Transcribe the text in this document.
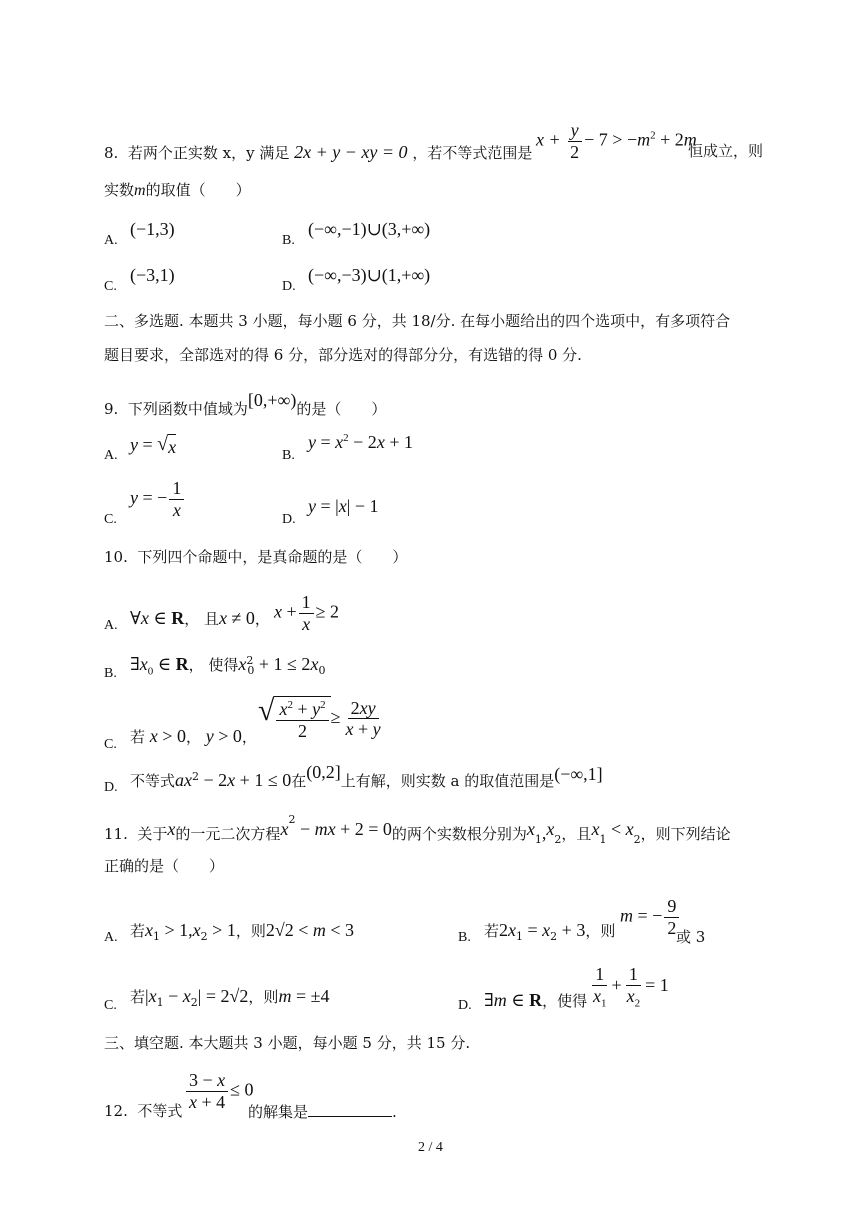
8. 若两个正实数 x，y 满足 2x + y − xy = 0 ，若不等式范围是
$x + \frac{y}{2} - 7 > -m^2 + 2m$
恒成立，则
实数m的取值（　　）
A.
(−1,3)
B.
(−∞,−1)∪(3,+∞)
C.
(−3,1)
D.
(−∞,−3)∪(1,+∞)
二、多选题. 本题共 3 小题，每小题 6 分，共 18/分. 在每小题给出的四个选项中，有多项符合
题目要求，全部选对的得 6 分，部分选对的得部分分，有选错的得 0 分.
9. 下列函数中值域为[0,+∞)的是（　　）
A.
y = √ x	B.
$y = x^2 - 2x + 1$
C.
y = − $\frac{1}{x}$	D.
y = |x| − 1
10. 下列四个命题中，是真命题的是（　　）
A. ∀x ∈ R， 且x ≠ 0， $x + \frac{1}{x} \ge 2$
B. $\exists x_0$ ∈ R， 使得$x^2_0 + 1 \le 2x_0$
C. 若 x > 0， y > 0，
√ $\frac{x^2 + y^2}{2} \ge \frac{2xy}{x + y}$
D. 不等式$ax^2 - 2x + 1 \le 0$在(0,2]上有解，则实数 a 的取值范围是(−∞,1]
11. 关于x的一元二次方程$x^2$ − mx + 2 = 0的两个实数根分别为$x_1,x_2$，且$x_1 < x_2$，则下列结论
正确的是（　　）
A. 若$x_1 > 1,x_2 > 1$，则2√2 < m < 3	B. 若$2x_1 = x_2 + 3$，则
m = − $\frac{9}{2}$
或 3
C. 若$|x_1 - x_2| = 2√2$，则m = ±4	D. ∃m ∈ R，使得 $\frac{1}{x_1} + \frac{1}{x_2} = 1$
三、填空题. 本大题共 3 小题，每小题 5 分，共 15 分.
12. 不等式 $\frac{3 - x}{x + 4} \le 0$
的解集是	.
2 / 4
